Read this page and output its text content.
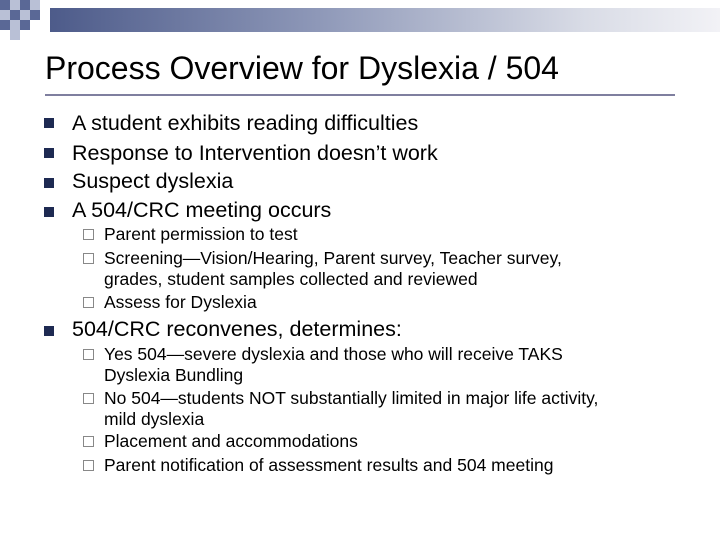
Process Overview for Dyslexia / 504
A student exhibits reading difficulties
Response to Intervention doesn’t work
Suspect dyslexia
A 504/CRC meeting occurs
Parent permission to test
Screening—Vision/Hearing, Parent survey, Teacher survey,
grades, student samples collected and reviewed
Assess for Dyslexia
504/CRC reconvenes, determines:
Yes 504—severe dyslexia and those who will receive TAKS
Dyslexia Bundling
No 504—students NOT substantially limited in major life activity,
mild dyslexia
Placement and accommodations
Parent notification of assessment results and 504 meeting
